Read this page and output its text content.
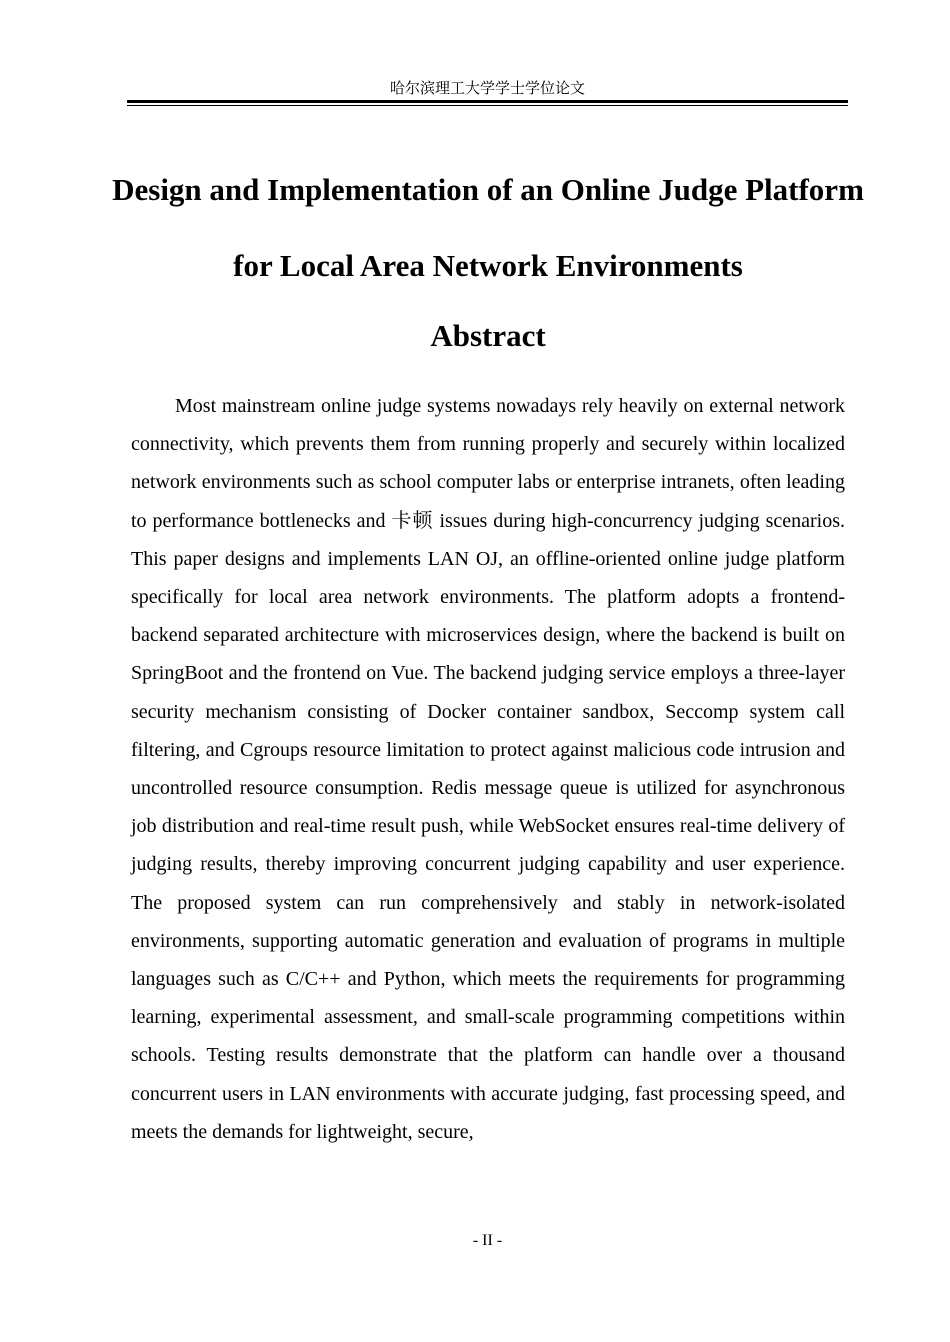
哈尔滨理工大学学士学位论文
Design and Implementation of an Online Judge Platform for Local Area Network Environments
Abstract

Most mainstream online judge systems nowadays rely heavily on external network connectivity, which prevents them from running properly and securely within localized network environments such as school computer labs or enterprise intranets, often leading to performance bottlenecks and 卡顿 issues during high-concurrency judging scenarios. This paper designs and implements LAN OJ, an offline-oriented online judge platform specifically for local area network environments. The platform adopts a frontend-backend separated architecture with microservices design, where the backend is built on SpringBoot and the frontend on Vue. The backend judging service employs a three-layer security mechanism consisting of Docker container sandbox, Seccomp system call filtering, and Cgroups resource limitation to protect against malicious code intrusion and uncontrolled resource consumption. Redis message queue is utilized for asynchronous job distribution and real-time result push, while WebSocket ensures real-time delivery of judging results, thereby improving concurrent judging capability and user experience. The proposed system can run comprehensively and stably in network-isolated environments, supporting automatic generation and evaluation of programs in multiple languages such as C/C++ and Python, which meets the requirements for programming learning, experimental assessment, and small-scale programming competitions within schools. Testing results demonstrate that the platform can handle over a thousand concurrent users in LAN environments with accurate judging, fast processing speed, and meets the demands for lightweight, secure,

- II -
